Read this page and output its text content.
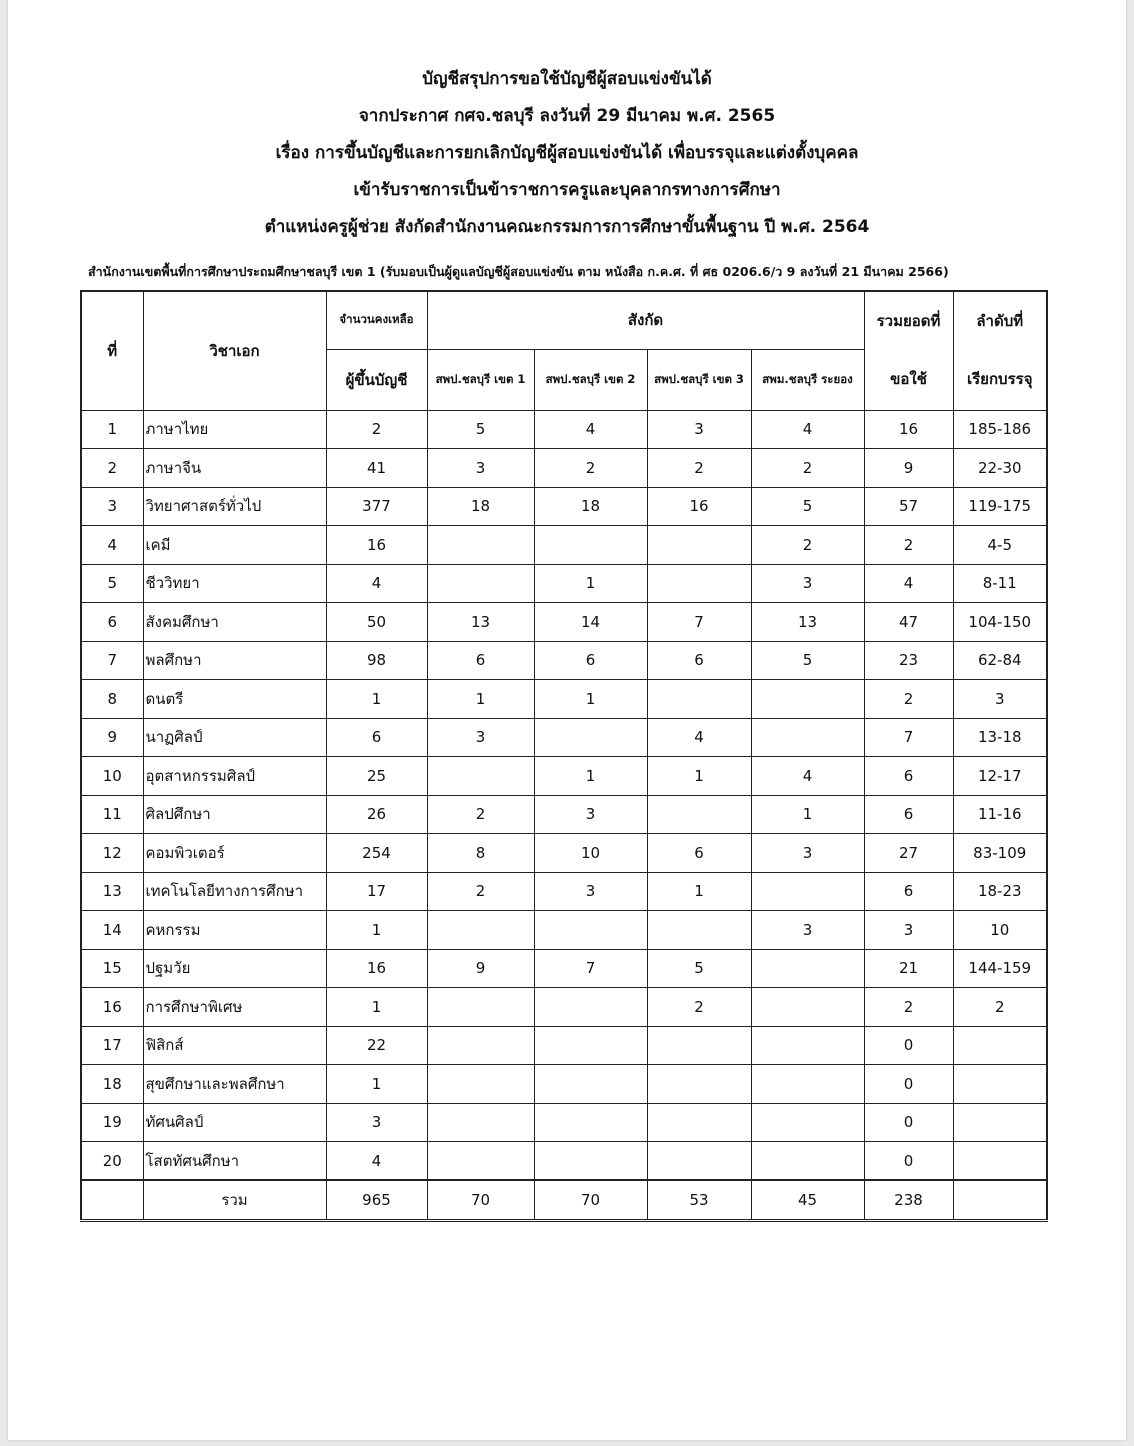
บัญชีสรุปการขอใช้บัญชีผู้สอบแข่งขันได้
จากประกาศ กศจ.ชลบุรี ลงวันที่ 29 มีนาคม พ.ศ. 2565
เรื่อง การขึ้นบัญชีและการยกเลิกบัญชีผู้สอบแข่งขันได้ เพื่อบรรจุและแต่งตั้งบุคคล
เข้ารับราชการเป็นข้าราชการครูและบุคลากรทางการศึกษา
ตำแหน่งครูผู้ช่วย สังกัดสำนักงานคณะกรรมการการศึกษาขั้นพื้นฐาน ปี พ.ศ. 2564
สำนักงานเขตพื้นที่การศึกษาประถมศึกษาชลบุรี เขต 1 (รับมอบเป็นผู้ดูแลบัญชีผู้สอบแข่งขัน ตาม หนังสือ ก.ค.ศ. ที่ ศธ 0206.6/ว 9 ลงวันที่ 21 มีนาคม 2566)
ที่	วิชาเอก	จำนวนคงเหลือ	สังกัด				รวมยอดที่	ลำดับที่
		ผู้ขึ้นบัญชี	สพป.ชลบุรี เขต 1	สพป.ชลบุรี เขต 2	สพป.ชลบุรี เขต 3	สพม.ชลบุรี ระยอง	ขอใช้	เรียกบรรจุ
1	ภาษาไทย	2	5	4	3	4	16	185-186
2	ภาษาจีน	41	3	2	2	2	9	22-30
3	วิทยาศาสตร์ทั่วไป	377	18	18	16	5	57	119-175
4	เคมี	16				2	2	4-5
5	ชีววิทยา	4		1		3	4	8-11
6	สังคมศึกษา	50	13	14	7	13	47	104-150
7	พลศึกษา	98	6	6	6	5	23	62-84
8	ดนตรี	1	1	1			2	3
9	นาฏศิลป์	6	3		4		7	13-18
10	อุตสาหกรรมศิลป์	25		1	1	4	6	12-17
11	ศิลปศึกษา	26	2	3		1	6	11-16
12	คอมพิวเตอร์	254	8	10	6	3	27	83-109
13	เทคโนโลยีทางการศึกษา	17	2	3	1		6	18-23
14	คหกรรม	1				3	3	10
15	ปฐมวัย	16	9	7	5		21	144-159
16	การศึกษาพิเศษ	1			2		2	2
17	ฟิสิกส์	22					0	
18	สุขศึกษาและพลศึกษา	1					0	
19	ทัศนศิลป์	3					0	
20	โสตทัศนศึกษา	4					0	
	รวม	965	70	70	53	45	238	
